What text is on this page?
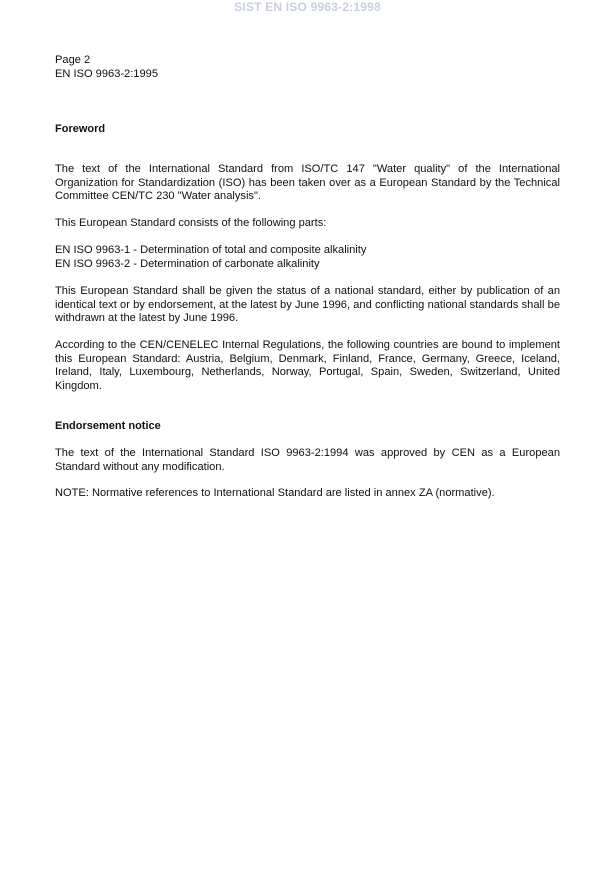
SIST EN ISO 9963-2:1998

Page 2

EN ISO 9963-2:1995

Foreword

The text of the International Standard from ISO/TC 147 "Water quality" of the International Organization for Standardization (ISO) has been taken over as a European Standard by the Technical Committee CEN/TC 230 "Water analysis".

This European Standard consists of the following parts:

EN ISO 9963-1 - Determination of total and composite alkalinity

EN ISO 9963-2 - Determination of carbonate alkalinity

This European Standard shall be given the status of a national standard, either by publication of an identical text or by endorsement, at the latest by June 1996, and conflicting national standards shall be withdrawn at the latest by June 1996.

According to the CEN/CENELEC Internal Regulations, the following countries are bound to implement this European Standard: Austria, Belgium, Denmark, Finland, France, Germany, Greece, Iceland, Ireland, Italy, Luxembourg, Netherlands, Norway, Portugal, Spain, Sweden, Switzerland, United Kingdom.

Endorsement notice

The text of the International Standard ISO 9963-2:1994 was approved by CEN as a European Standard without any modification.

NOTE: Normative references to International Standard are listed in annex ZA (normative).
